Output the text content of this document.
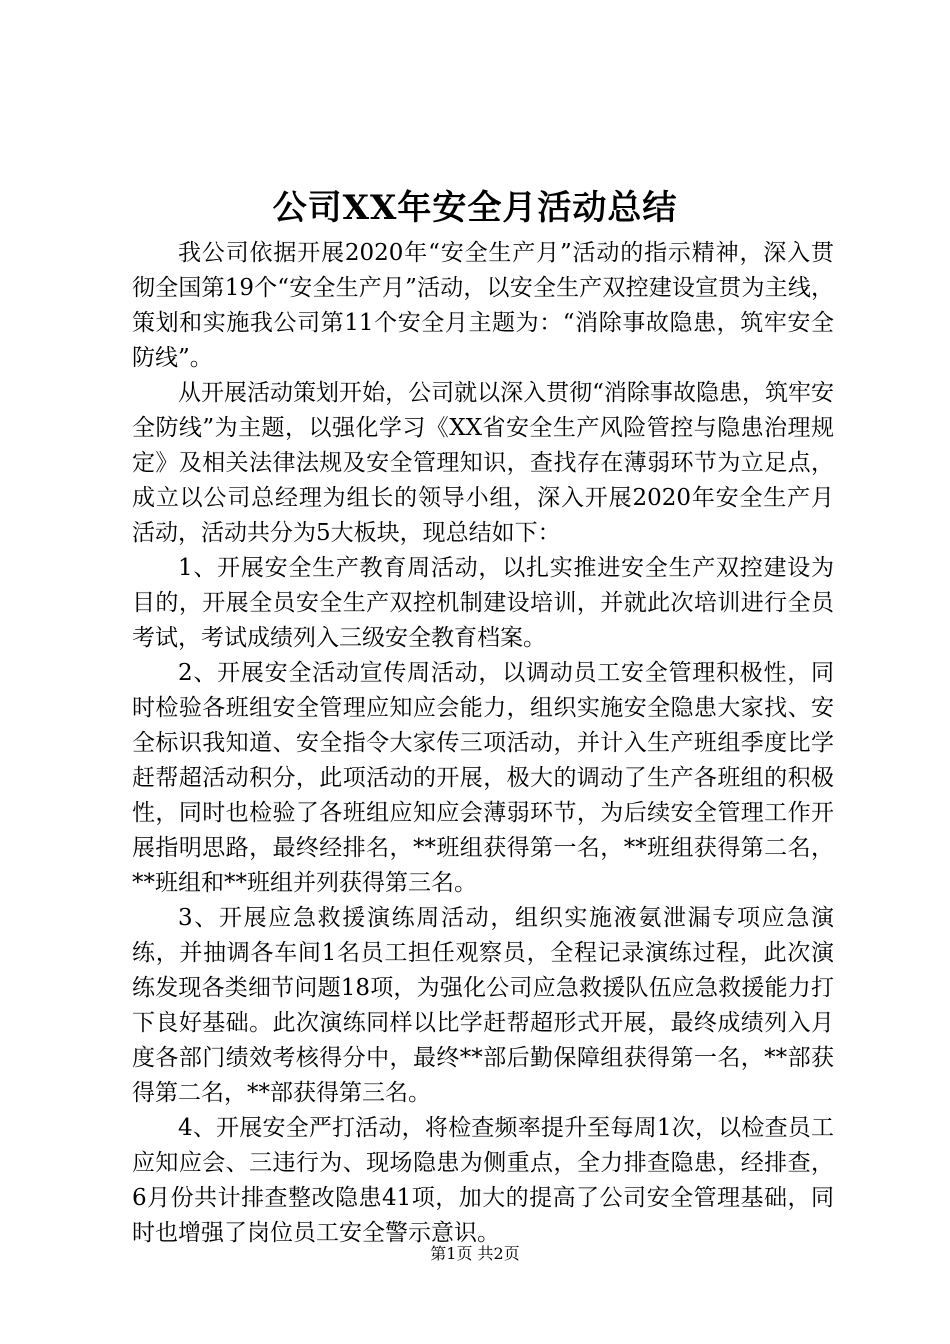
公司XX年安全月活动总结

我公司依据开展2020年“安全生产月”活动的指示精神，深入贯彻全国第19个“安全生产月”活动，以安全生产双控建设宣贯为主线，策划和实施我公司第11个安全月主题为：“消除事故隐患，筑牢安全防线”。

从开展活动策划开始，公司就以深入贯彻“消除事故隐患，筑牢安全防线”为主题，以强化学习《XX省安全生产风险管控与隐患治理规定》及相关法律法规及安全管理知识，查找存在薄弱环节为立足点，成立以公司总经理为组长的领导小组，深入开展2020年安全生产月活动，活动共分为5大板块，现总结如下：

1、开展安全生产教育周活动，以扎实推进安全生产双控建设为目的，开展全员安全生产双控机制建设培训，并就此次培训进行全员考试，考试成绩列入三级安全教育档案。

2、开展安全活动宣传周活动，以调动员工安全管理积极性，同时检验各班组安全管理应知应会能力，组织实施安全隐患大家找、安全标识我知道、安全指令大家传三项活动，并计入生产班组季度比学赶帮超活动积分，此项活动的开展，极大的调动了生产各班组的积极性，同时也检验了各班组应知应会薄弱环节，为后续安全管理工作开展指明思路，最终经排名，**班组获得第一名，**班组获得第二名，**班组和**班组并列获得第三名。

3、开展应急救援演练周活动，组织实施液氨泄漏专项应急演练，并抽调各车间1名员工担任观察员，全程记录演练过程，此次演练发现各类细节问题18项，为强化公司应急救援队伍应急救援能力打下良好基础。此次演练同样以比学赶帮超形式开展，最终成绩列入月度各部门绩效考核得分中，最终**部后勤保障组获得第一名，**部获得第二名，**部获得第三名。

4、开展安全严打活动，将检查频率提升至每周1次，以检查员工应知应会、三违行为、现场隐患为侧重点，全力排查隐患，经排查，6月份共计排查整改隐患41项，加大的提高了公司安全管理基础，同时也增强了岗位员工安全警示意识。

第1页 共2页
